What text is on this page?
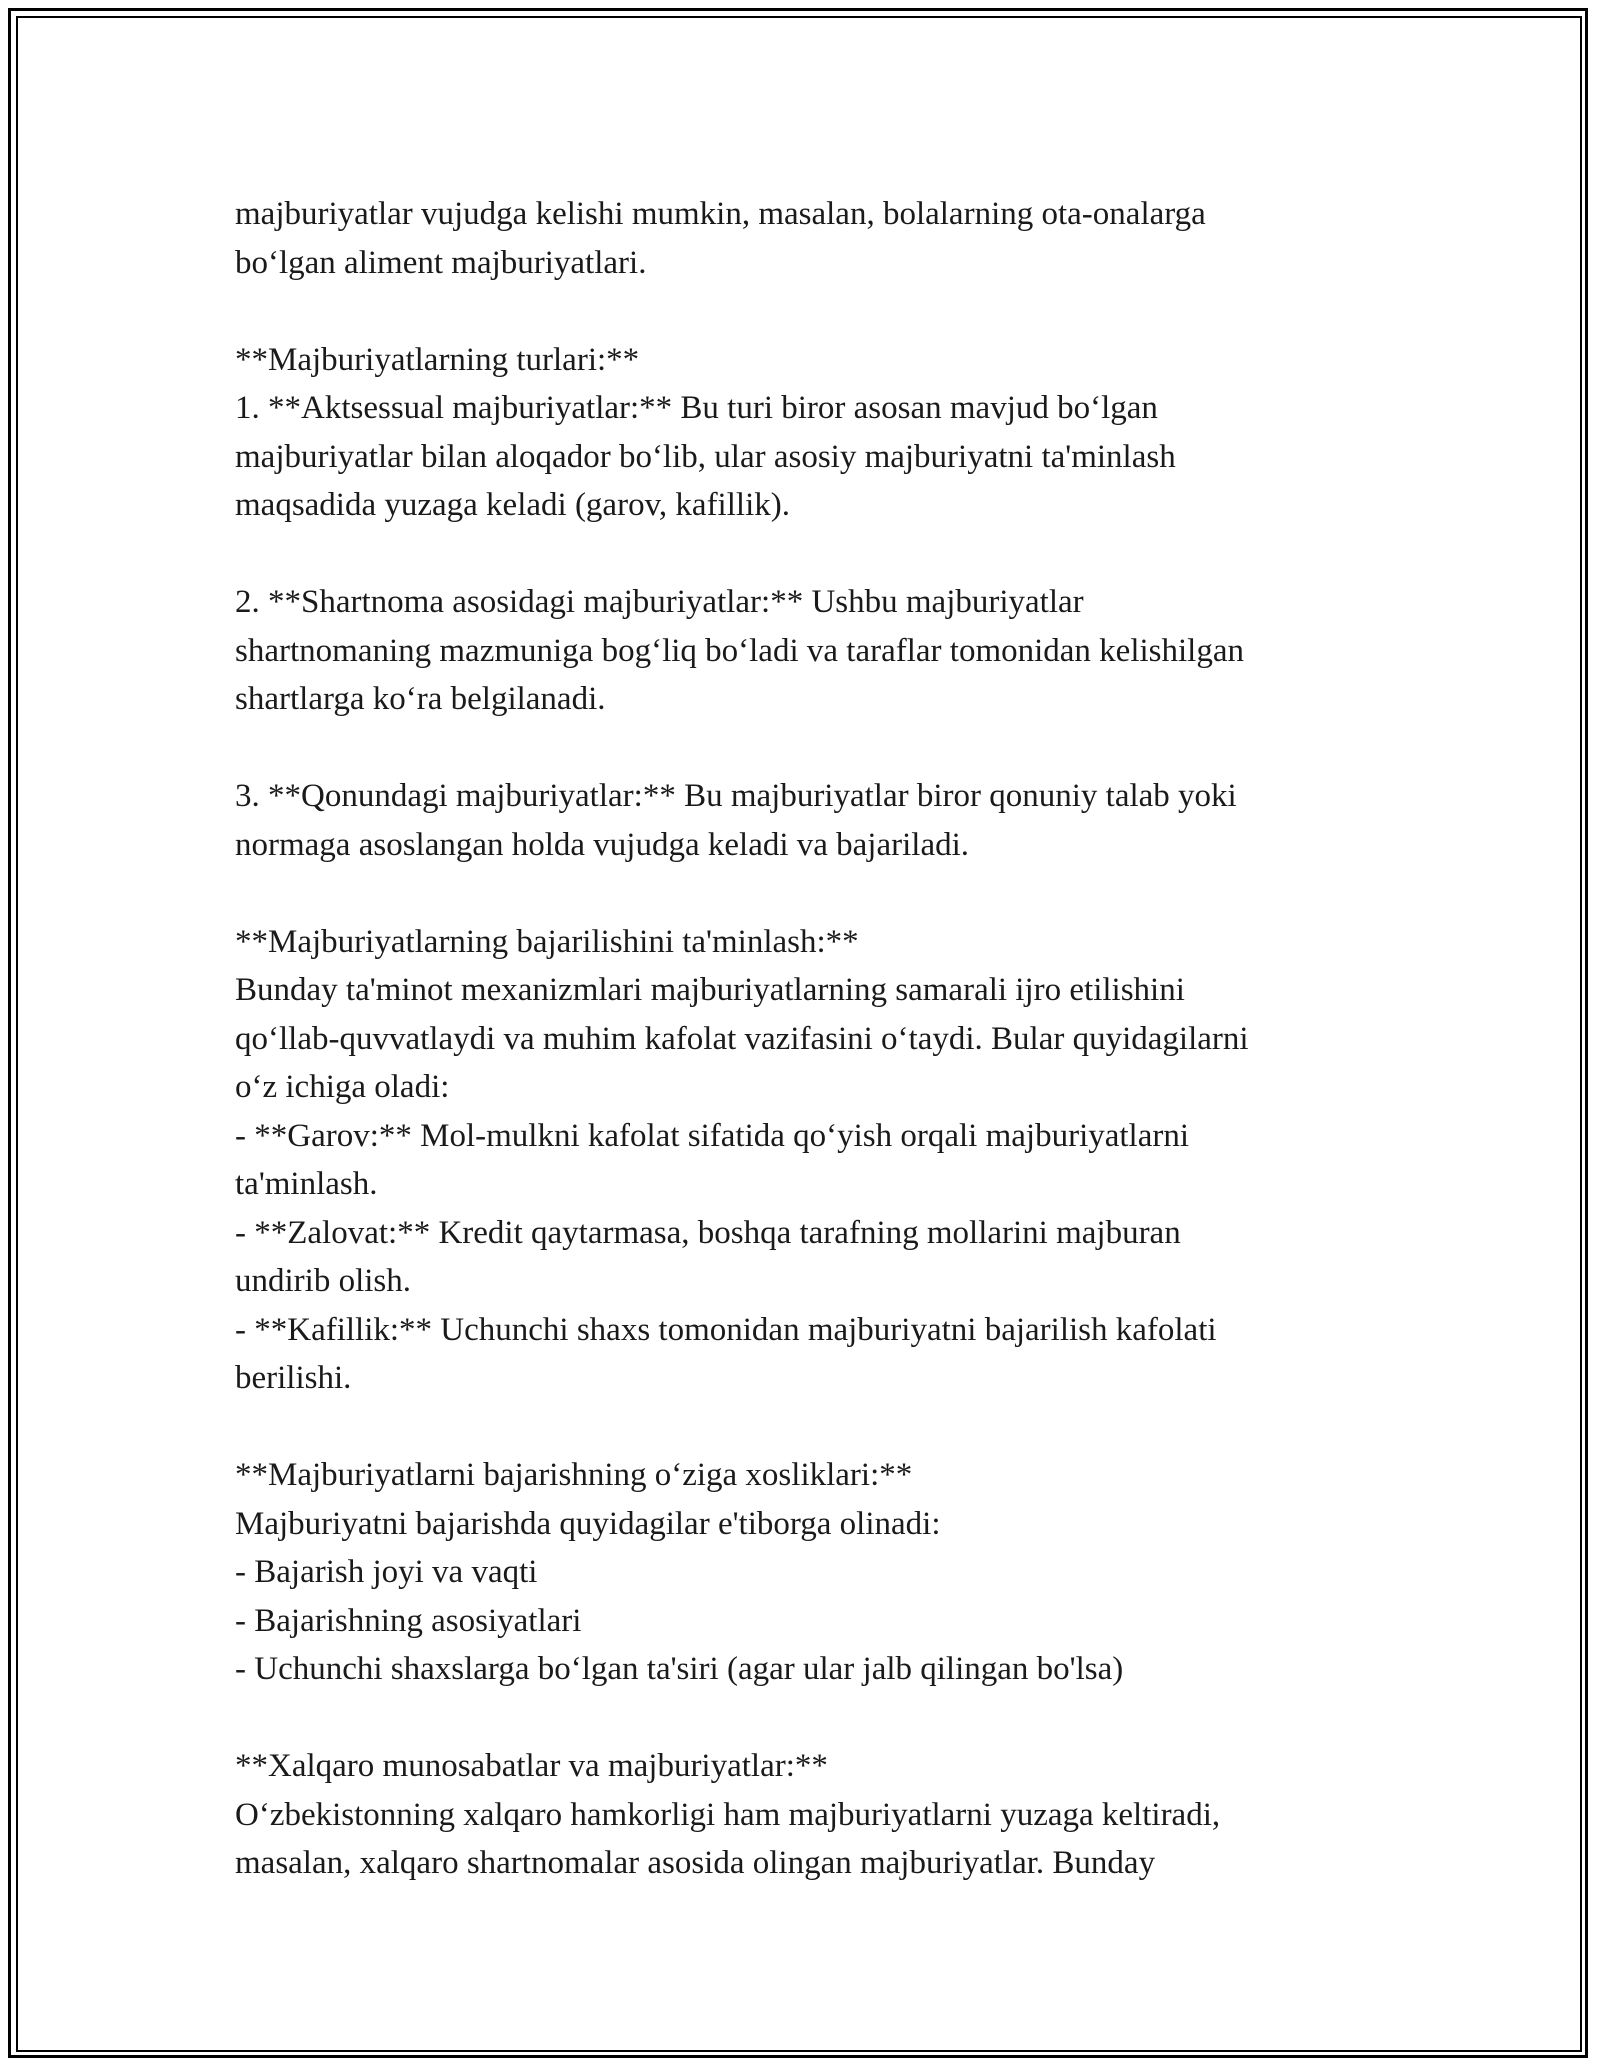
majburiyatlar vujudga kelishi mumkin, masalan, bolalarning ota-onalarga
bo‘lgan aliment majburiyatlari.
**Majburiyatlarning turlari:**
1. **Aktsessual majburiyatlar:** Bu turi biror asosan mavjud bo‘lgan
majburiyatlar bilan aloqador bo‘lib, ular asosiy majburiyatni ta'minlash
maqsadida yuzaga keladi (garov, kafillik).
2. **Shartnoma asosidagi majburiyatlar:** Ushbu majburiyatlar
shartnomaning mazmuniga bog‘liq bo‘ladi va taraflar tomonidan kelishilgan
shartlarga ko‘ra belgilanadi.
3. **Qonundagi majburiyatlar:** Bu majburiyatlar biror qonuniy talab yoki
normaga asoslangan holda vujudga keladi va bajariladi.
**Majburiyatlarning bajarilishini ta'minlash:**
Bunday ta'minot mexanizmlari majburiyatlarning samarali ijro etilishini
qo‘llab-quvvatlaydi va muhim kafolat vazifasini o‘taydi. Bular quyidagilarni
o‘z ichiga oladi:
- **Garov:** Mol-mulkni kafolat sifatida qo‘yish orqali majburiyatlarni
ta'minlash.
- **Zalovat:** Kredit qaytarmasa, boshqa tarafning mollarini majburan
undirib olish.
- **Kafillik:** Uchunchi shaxs tomonidan majburiyatni bajarilish kafolati
berilishi.
**Majburiyatlarni bajarishning o‘ziga xosliklari:**
Majburiyatni bajarishda quyidagilar e'tiborga olinadi:
- Bajarish joyi va vaqti
- Bajarishning asosiyatlari
- Uchunchi shaxslarga bo‘lgan ta'siri (agar ular jalb qilingan bo'lsa)
**Xalqaro munosabatlar va majburiyatlar:**
O‘zbekistonning xalqaro hamkorligi ham majburiyatlarni yuzaga keltiradi,
masalan, xalqaro shartnomalar asosida olingan majburiyatlar. Bunday
